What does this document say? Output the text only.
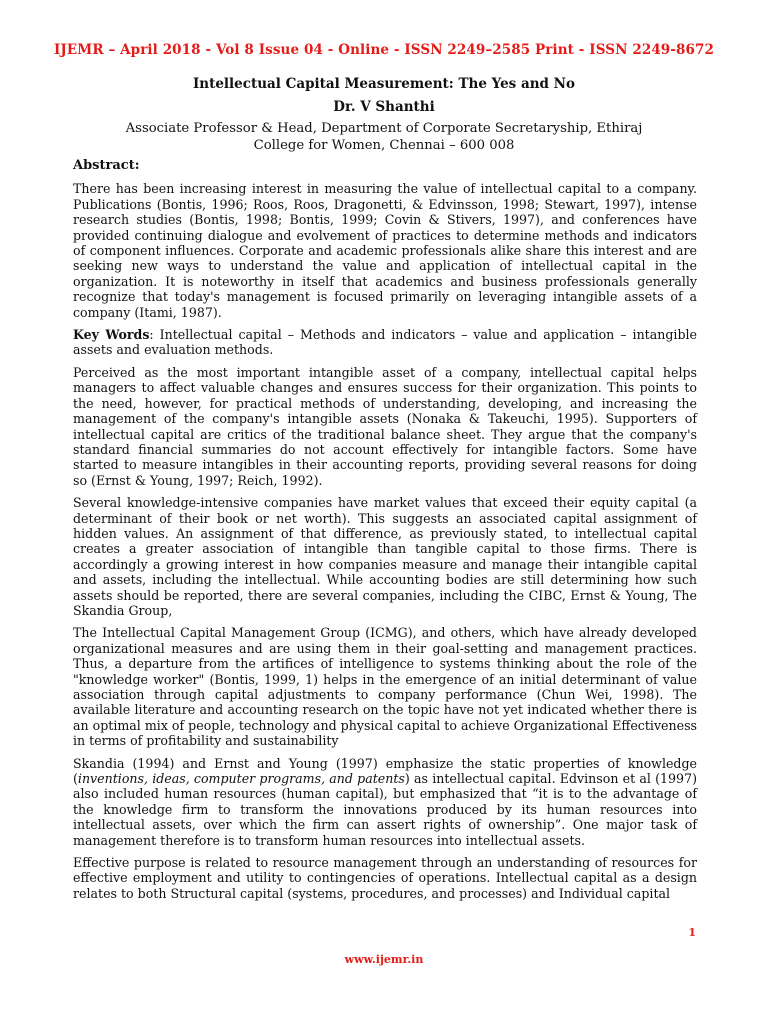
IJEMR – April 2018 - Vol 8 Issue 04 - Online - ISSN 2249–2585 Print - ISSN 2249-8672
Intellectual Capital Measurement: The Yes and No
Dr. V Shanthi
Associate Professor & Head, Department of Corporate Secretaryship, Ethiraj College for Women, Chennai – 600 008
Abstract:

There has been increasing interest in measuring the value of intellectual capital to a company. Publications (Bontis, 1996; Roos, Roos, Dragonetti, & Edvinsson, 1998; Stewart, 1997), intense research studies (Bontis, 1998; Bontis, 1999; Covin & Stivers, 1997), and conferences have provided continuing dialogue and evolvement of practices to determine methods and indicators of component influences. Corporate and academic professionals alike share this interest and are seeking new ways to understand the value and application of intellectual capital in the organization. It is noteworthy in itself that academics and business professionals generally recognize that today's management is focused primarily on leveraging intangible assets of a company (Itami, 1987).

Key Words: Intellectual capital – Methods and indicators – value and application – intangible assets and evaluation methods.

Perceived as the most important intangible asset of a company, intellectual capital helps managers to affect valuable changes and ensures success for their organization. This points to the need, however, for practical methods of understanding, developing, and increasing the management of the company's intangible assets (Nonaka & Takeuchi, 1995). Supporters of intellectual capital are critics of the traditional balance sheet. They argue that the company's standard financial summaries do not account effectively for intangible factors. Some have started to measure intangibles in their accounting reports, providing several reasons for doing so (Ernst & Young, 1997; Reich, 1992).

Several knowledge-intensive companies have market values that exceed their equity capital (a determinant of their book or net worth). This suggests an associated capital assignment of hidden values. An assignment of that difference, as previously stated, to intellectual capital creates a greater association of intangible than tangible capital to those firms. There is accordingly a growing interest in how companies measure and manage their intangible capital and assets, including the intellectual. While accounting bodies are still determining how such assets should be reported, there are several companies, including the CIBC, Ernst & Young, The Skandia Group,

The Intellectual Capital Management Group (ICMG), and others, which have already developed organizational measures and are using them in their goal-setting and management practices. Thus, a departure from the artifices of intelligence to systems thinking about the role of the "knowledge worker" (Bontis, 1999, 1) helps in the emergence of an initial determinant of value association through capital adjustments to company performance (Chun Wei, 1998). The available literature and accounting research on the topic have not yet indicated whether there is an optimal mix of people, technology and physical capital to achieve Organizational Effectiveness in terms of profitability and sustainability

Skandia (1994) and Ernst and Young (1997) emphasize the static properties of knowledge (inventions, ideas, computer programs, and patents) as intellectual capital. Edvinson et al (1997) also included human resources (human capital), but emphasized that “it is to the advantage of the knowledge firm to transform the innovations produced by its human resources into intellectual assets, over which the firm can assert rights of ownership”. One major task of management therefore is to transform human resources into intellectual assets.

Effective purpose is related to resource management through an understanding of resources for effective employment and utility to contingencies of operations. Intellectual capital as a design relates to both Structural capital (systems, procedures, and processes) and Individual capital

1
www.ijemr.in
